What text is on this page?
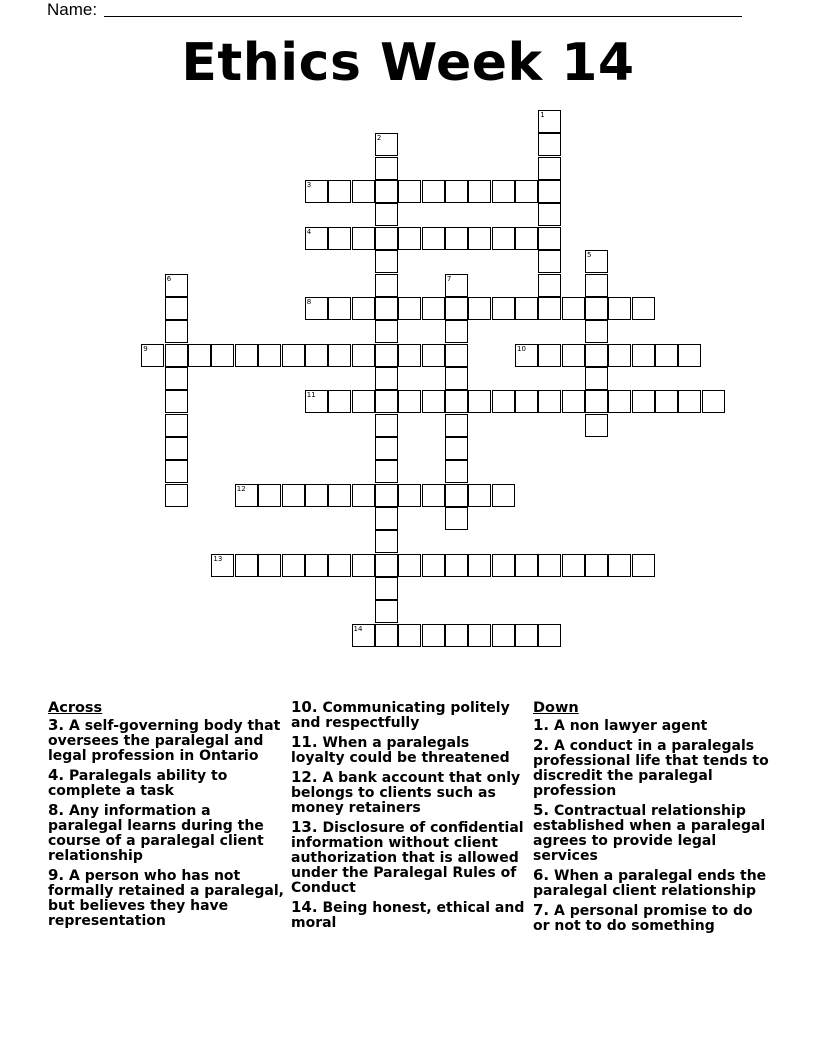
Name:
Ethics Week 14
1
2
3
4
5
6	7
8
9	10
11
12
13
14
Across
3. A self-governing body that oversees the paralegal and legal profession in Ontario
4. Paralegals ability to complete a task
8. Any information a paralegal learns during the course of a paralegal client relationship
9. A person who has not formally retained a paralegal, but believes they have representation
10. Communicating politely and respectfully
11. When a paralegals loyalty could be threatened
12. A bank account that only belongs to clients such as money retainers
13. Disclosure of confidential information without client authorization that is allowed under the Paralegal Rules of Conduct
14. Being honest, ethical and moral
Down
1. A non lawyer agent
2. A conduct in a paralegals professional life that tends to discredit the paralegal profession
5. Contractual relationship established when a paralegal agrees to provide legal services
6. When a paralegal ends the paralegal client relationship
7. A personal promise to do or not to do something
